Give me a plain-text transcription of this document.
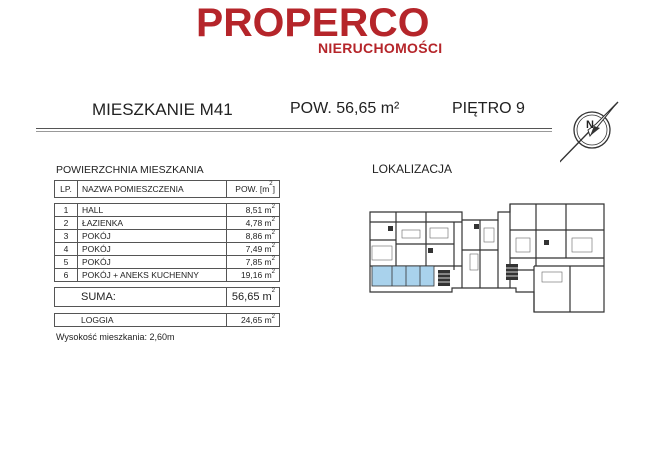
PROPERCO
NIERUCHOMOŚCI
MIESZKANIE M41	POW. 56,65 m²	PIĘTRO 9
N
POWIERZCHNIA MIESZKANIA	LOKALIZACJA
LP.	NAZWA POMIESZCZENIA	POW. $[m^2]$

1	HALL	8,51 $m^2$
2	ŁAZIENKA	4,78 $m^2$
3	POKÓJ	8,86 $m^2$
4	POKÓJ	7,49 $m^2$
5	POKÓJ	7,85 $m^2$
6	POKÓJ + ANEKS KUCHENNY	19,16 $m^2$

SUMA:		56,65 $m^2$

LOGGIA		24,65 $m^2$
Wysokość mieszkania: 2,60m
